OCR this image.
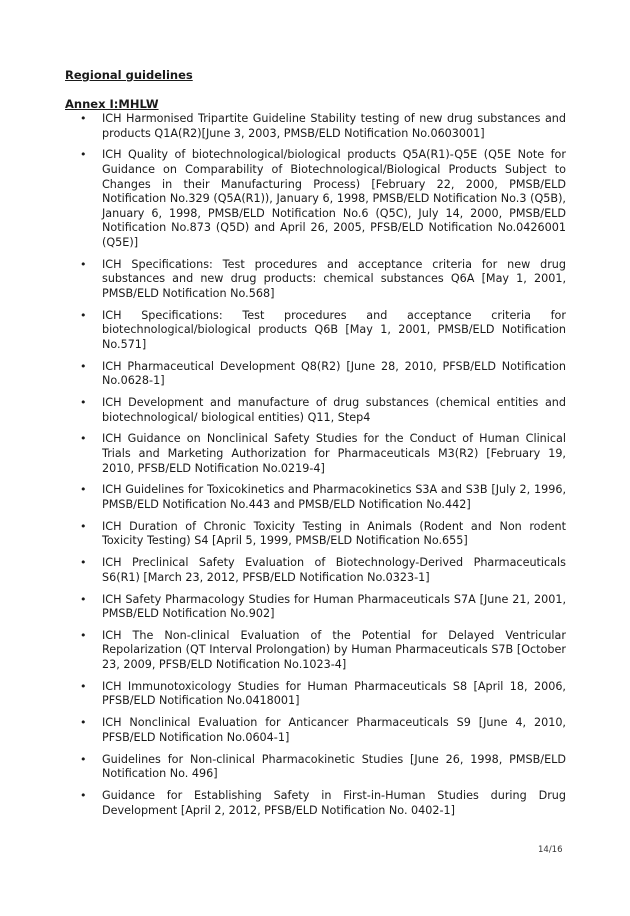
Regional guidelines

Annex I:MHLW

• ICH Harmonised Tripartite Guideline Stability testing of new drug substances and products Q1A(R2)[June 3, 2003, PMSB/ELD Notification No.0603001]
• ICH Quality of biotechnological/biological products Q5A(R1)-Q5E (Q5E Note for Guidance on Comparability of Biotechnological/Biological Products Subject to Changes in their Manufacturing Process) [February 22, 2000, PMSB/ELD Notification No.329 (Q5A(R1)), January 6, 1998, PMSB/ELD Notification No.3 (Q5B), January 6, 1998, PMSB/ELD Notification No.6 (Q5C), July 14, 2000, PMSB/ELD Notification No.873 (Q5D) and April 26, 2005, PFSB/ELD Notification No.0426001 (Q5E)]
• ICH Specifications: Test procedures and acceptance criteria for new drug substances and new drug products: chemical substances Q6A [May 1, 2001, PMSB/ELD Notification No.568]
• ICH Specifications: Test procedures and acceptance criteria for biotechnological/biological products Q6B [May 1, 2001, PMSB/ELD Notification No.571]
• ICH Pharmaceutical Development Q8(R2) [June 28, 2010, PFSB/ELD Notification No.0628-1]
• ICH Development and manufacture of drug substances (chemical entities and biotechnological/ biological entities) Q11, Step4
• ICH Guidance on Nonclinical Safety Studies for the Conduct of Human Clinical Trials and Marketing Authorization for Pharmaceuticals M3(R2) [February 19, 2010, PFSB/ELD Notification No.0219-4]
• ICH Guidelines for Toxicokinetics and Pharmacokinetics S3A and S3B [July 2, 1996, PMSB/ELD Notification No.443 and PMSB/ELD Notification No.442]
• ICH Duration of Chronic Toxicity Testing in Animals (Rodent and Non rodent Toxicity Testing) S4 [April 5, 1999, PMSB/ELD Notification No.655]
• ICH Preclinical Safety Evaluation of Biotechnology-Derived Pharmaceuticals S6(R1) [March 23, 2012, PFSB/ELD Notification No.0323-1]
• ICH Safety Pharmacology Studies for Human Pharmaceuticals S7A [June 21, 2001, PMSB/ELD Notification No.902]
• ICH The Non-clinical Evaluation of the Potential for Delayed Ventricular Repolarization (QT Interval Prolongation) by Human Pharmaceuticals S7B [October 23, 2009, PFSB/ELD Notification No.1023-4]
• ICH Immunotoxicology Studies for Human Pharmaceuticals S8 [April 18, 2006, PFSB/ELD Notification No.0418001]
• ICH Nonclinical Evaluation for Anticancer Pharmaceuticals S9 [June 4, 2010, PFSB/ELD Notification No.0604-1]
• Guidelines for Non-clinical Pharmacokinetic Studies [June 26, 1998, PMSB/ELD Notification No. 496]
• Guidance for Establishing Safety in First-in-Human Studies during Drug Development [April 2, 2012, PFSB/ELD Notification No. 0402-1]
14/16
